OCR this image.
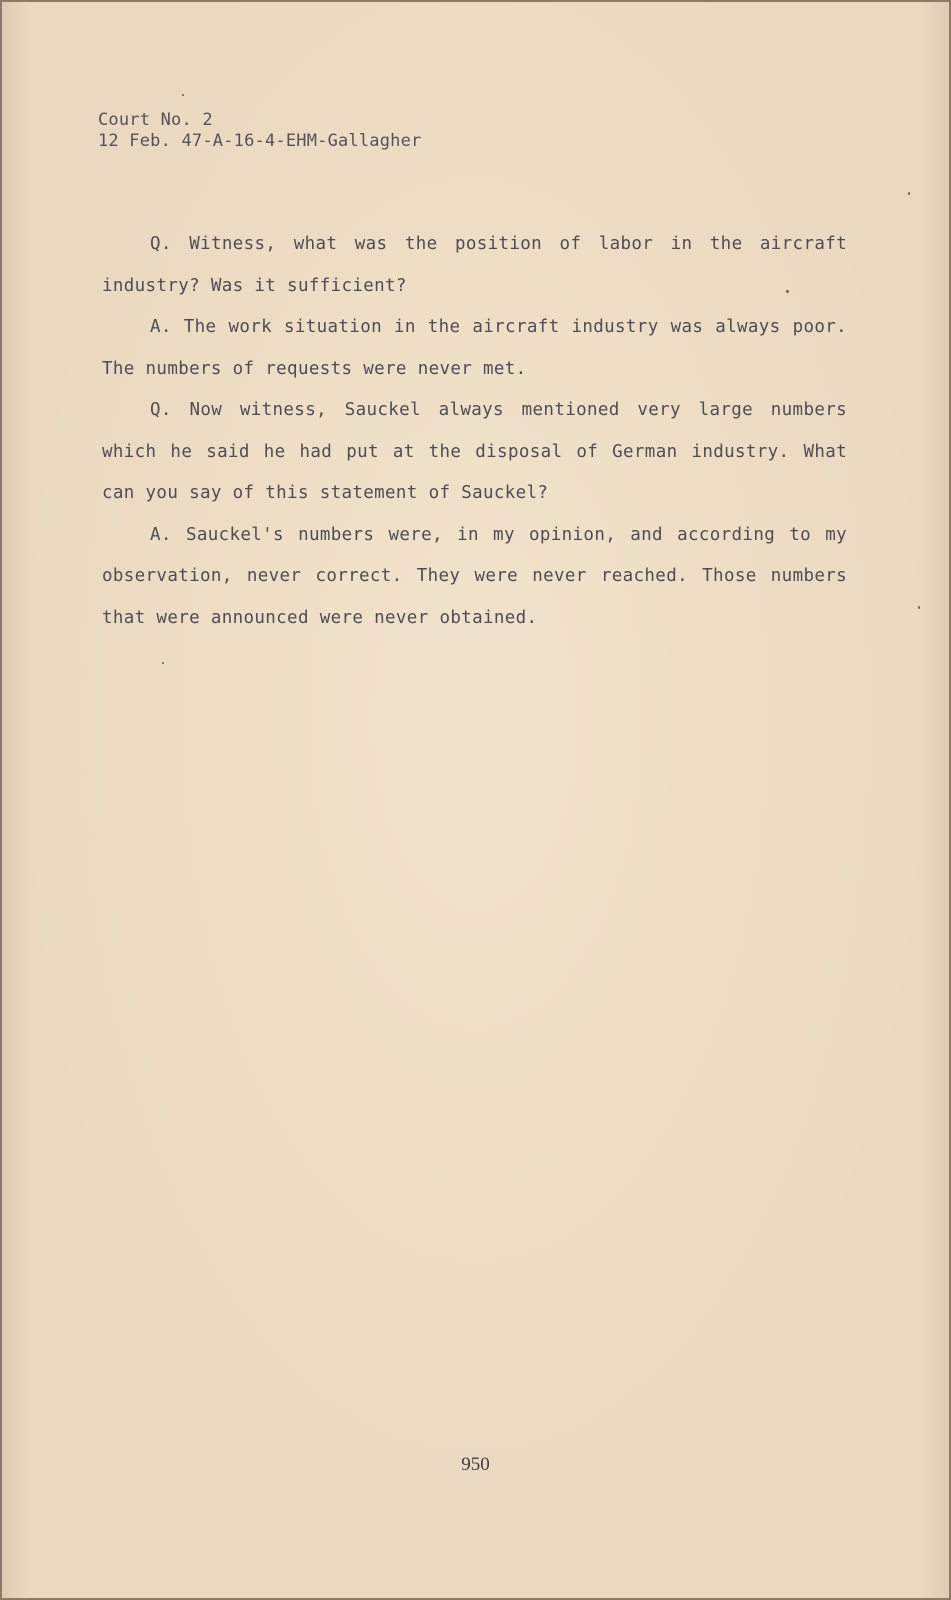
Court No. 2
12 Feb. 47-A-16-4-EHM-Gallagher

Q. Witness, what was the position of labor in the aircraft industry? Was it sufficient?

A. The work situation in the aircraft industry was always poor. The numbers of requests were never met.

Q. Now witness, Sauckel always mentioned very large numbers which he said he had put at the disposal of German industry. What can you say of this statement of Sauckel?

A. Sauckel's numbers were, in my opinion, and according to my observation, never correct. They were never reached. Those numbers that were announced were never obtained.

950
